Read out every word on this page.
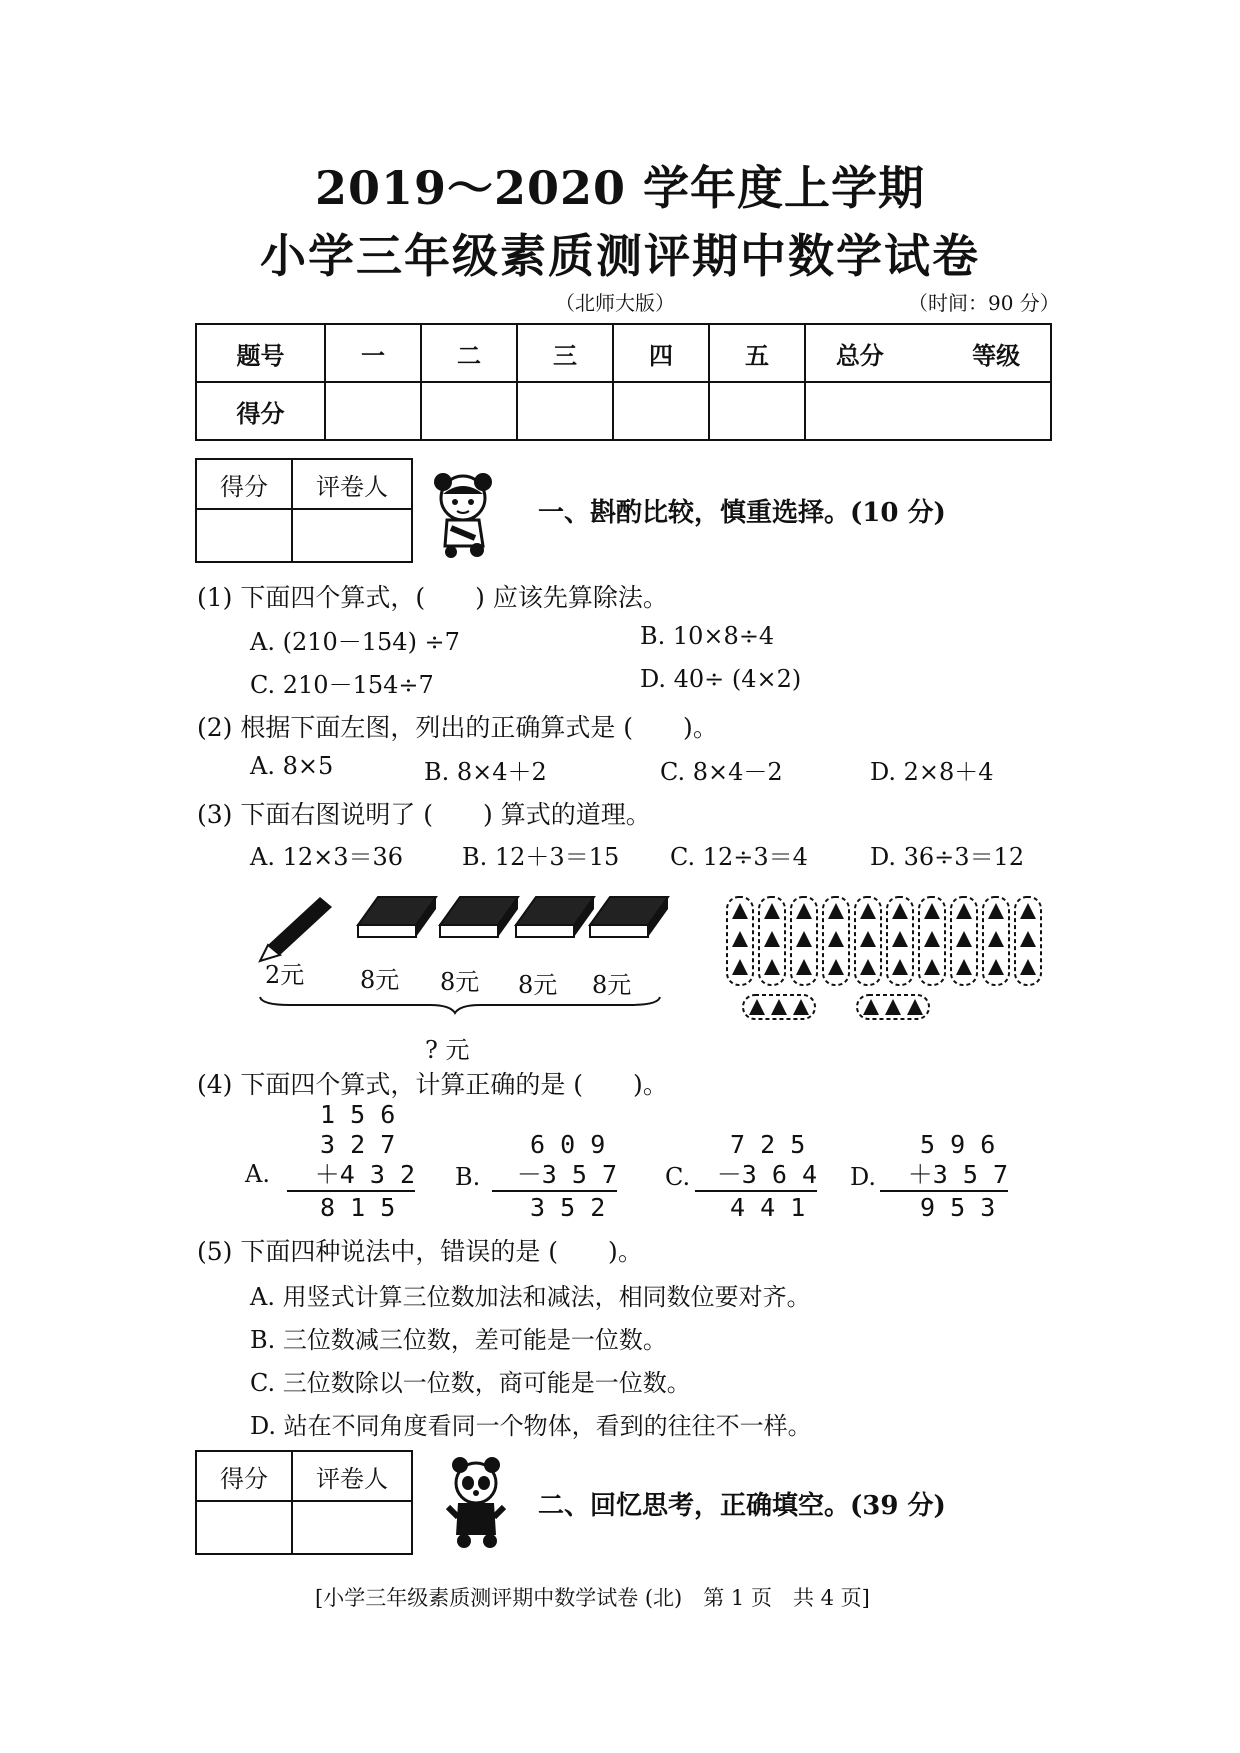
2019～2020 学年度上学期
小学三年级素质测评期中数学试卷
（北师大版）	（时间：90 分）
题号	一	二	三	四	五	总分 等级
得分						
得分	评卷人

一、斟酌比较，慎重选择。(10 分)
(1) 下面四个算式，(　　) 应该先算除法。
A. (210－154) ÷7	B. 10×8÷4
C. 210－154÷7	D. 40÷ (4×2)
(2) 根据下面左图，列出的正确算式是 (　　)。
A. 8×5	B. 8×4＋2	C. 8×4－2	D. 2×8＋4
(3) 下面右图说明了 (　　) 算式的道理。
A. 12×3＝36 B. 12＋3＝15 C. 12÷3＝4	D. 36÷3＝12
2元 8元 8元 8元 8元
? 元
(4) 下面四个算式，计算正确的是 (　　)。
A.
1 5 6
3 2 7
＋4 3 2
8 1 5
B.
6 0 9
－3 5 7
3 5 2
C.
7 2 5
－3 6 4
4 4 1
D.
5 9 6
＋3 5 7
9 5 3
(5) 下面四种说法中，错误的是 (　　)。
A. 用竖式计算三位数加法和减法，相同数位要对齐。
B. 三位数减三位数，差可能是一位数。
C. 三位数除以一位数，商可能是一位数。
D. 站在不同角度看同一个物体，看到的往往不一样。
得分	评卷人

二、回忆思考，正确填空。(39 分)
[小学三年级素质测评期中数学试卷 (北)　第 1 页　共 4 页]
